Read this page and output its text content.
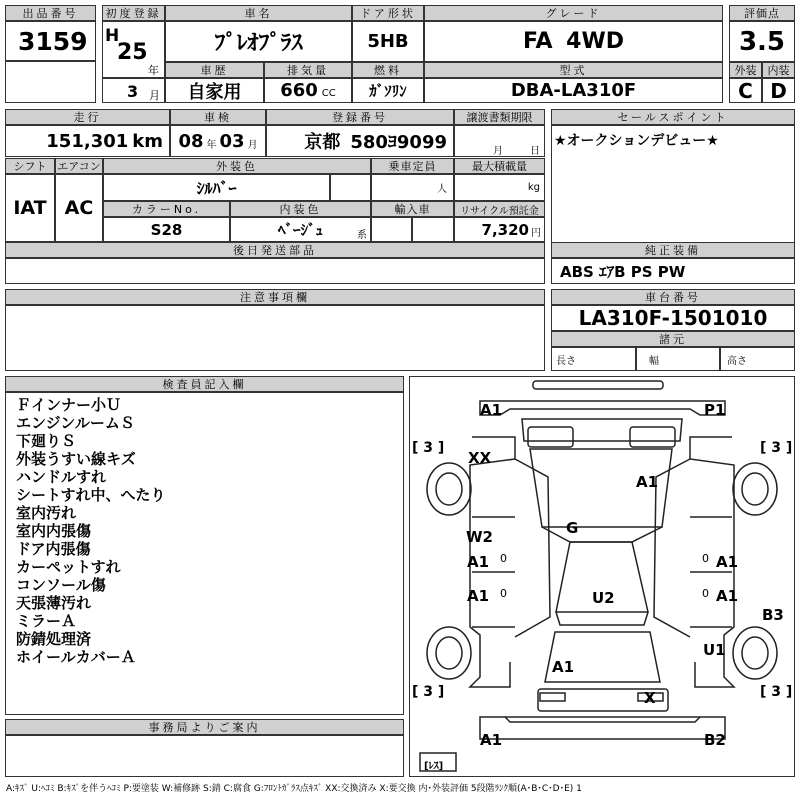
出品番号
3159
初度登録
H
25
年
3 月
車名
ﾌﾟﾚｵﾌﾟﾗｽ
ドア形状
5HB
グレード
FA 4WD
評価点
3.5
車歴
自家用
排気量
660 CC
燃料
ｶﾞｿﾘﾝ
型式
DBA-LA310F
外装
C
内装
D
走行
151,301 km
車検
08 年 03 月
登録番号
京都 580ﾖ9099
譲渡書類期限
月	日
セールスポイント
★オークションデビュー★
シフト
IAT
エアコン
AC
外装色
ｼﾙﾊﾞｰ
乗車定員
人
最大積載量
kg
カラーNo.
S28
内装色
ﾍﾞｰｼﾞｭ	系
輸入車	リサイクル預託金
7,320 円
後日発送部品	純正装備
ABS ｴｱB PS PW
注意事項欄	車台番号
LA310F-1501010
諸元
長さ	幅	高さ
検査員記入欄
Ｆインナー小Ｕ
エンジンルームＳ
下廻りＳ
外装うすい線キズ
ハンドルすれ
シートすれ中、へたり
室内汚れ
室内内張傷
ドア内張傷
カーペットすれ
コンソール傷
天張薄汚れ
ミラーＡ
防錆処理済
ホイールカバーＡ
事務局よりご案内
[ 3 ]	[ 3 ]
[ 3 ]	[ 3 ]
[ﾚｽ]
A1	P1
XX
A1
G
W2
A1	A1
A1	A1
U2
B3
U1
A1
X
A1	B2
0	0
0	0
A:ｷｽﾞ U:ﾍｺﾐ B:ｷｽﾞを伴うﾍｺﾐ P:要塗装 W:補修跡 S:錆 C:腐食 G:ﾌﾛﾝﾄｶﾞﾗｽ点ｷｽﾞ XX:交換済み X:要交換 内･外装評価 5段階ﾗﾝｸ順(A･B･C･D･E) 1
